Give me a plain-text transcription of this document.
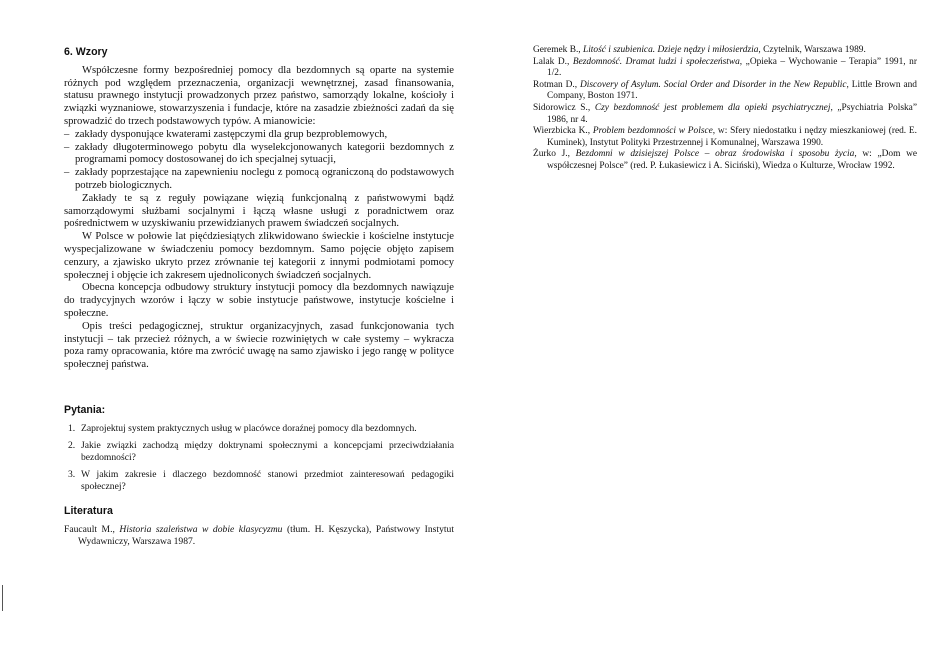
6. Wzory

Współczesne formy bezpośredniej pomocy dla bezdomnych są oparte na systemie różnych pod względem przeznaczenia, organizacji wewnętrznej, zasad finansowania, statusu prawnego instytucji prowadzonych przez państwo, samorządy lokalne, kościoły i związki wyznaniowe, stowarzyszenia i fundacje, które na zasadzie zbieżności zadań da się sprowadzić do trzech podstawowych typów. A mianowicie:

– zakłady dysponujące kwaterami zastępczymi dla grup bezproblemowych,
– zakłady długoterminowego pobytu dla wyselekcjonowanych kategorii bezdomnych z programami pomocy dostosowanej do ich specjalnej sytuacji,
– zakłady poprzestające na zapewnieniu noclegu z pomocą ograniczoną do podstawowych potrzeb biologicznych.

Zakłady te są z reguły powiązane więzią funkcjonalną z państwowymi bądź samorządowymi służbami socjalnymi i łączą własne usługi z poradnictwem oraz pośrednictwem w uzyskiwaniu przewidzianych prawem świadczeń socjalnych.

W Polsce w połowie lat pięćdziesiątych zlikwidowano świeckie i kościelne instytucje wyspecjalizowane w świadczeniu pomocy bezdomnym. Samo pojęcie objęto zapisem cenzury, a zjawisko ukryto przez zrównanie tej kategorii z innymi podmiotami pomocy społecznej i objęcie ich zakresem ujednoliconych świadczeń socjalnych.

Obecna koncepcja odbudowy struktury instytucji pomocy dla bezdomnych nawiązuje do tradycyjnych wzorów i łączy w sobie instytucje państwowe, instytucje kościelne i społeczne.

Opis treści pedagogicznej, struktur organizacyjnych, zasad funkcjonowania tych instytucji – tak przecież różnych, a w świecie rozwiniętych w całe systemy – wykracza poza ramy opracowania, które ma zwrócić uwagę na samo zjawisko i jego rangę w polityce społecznej państwa.

Pytania:
1. Zaprojektuj system praktycznych usług w placówce doraźnej pomocy dla bezdomnych.
2. Jakie związki zachodzą między doktrynami społecznymi a koncepcjami przeciwdziałania bezdomności?
3. W jakim zakresie i dlaczego bezdomność stanowi przedmiot zainteresowań pedagogiki społecznej?
Literatura

Faucault M., Historia szaleństwa w dobie klasycyzmu (tłum. H. Kęszycka), Państwowy Instytut Wydawniczy, Warszawa 1987.

Geremek B., Litość i szubienica. Dzieje nędzy i miłosierdzia, Czytelnik, Warszawa 1989.

Lalak D., Bezdomność. Dramat ludzi i społeczeństwa, „Opieka – Wychowanie – Terapia” 1991, nr 1/2.

Rotman D., Discovery of Asylum. Social Order and Disorder in the New Republic, Little Brown and Company, Boston 1971.

Sidorowicz S., Czy bezdomność jest problemem dla opieki psychiatrycznej, „Psychiatria Polska” 1986, nr 4.

Wierzbicka K., Problem bezdomności w Polsce, w: Sfery niedostatku i nędzy mieszkaniowej (red. E. Kuminek), Instytut Polityki Przestrzennej i Komunalnej, Warszawa 1990.

Żurko J., Bezdomni w dzisiejszej Polsce – obraz środowiska i sposobu życia, w: „Dom we współczesnej Polsce” (red. P. Łukasiewicz i A. Siciński), Wiedza o Kulturze, Wrocław 1992.
